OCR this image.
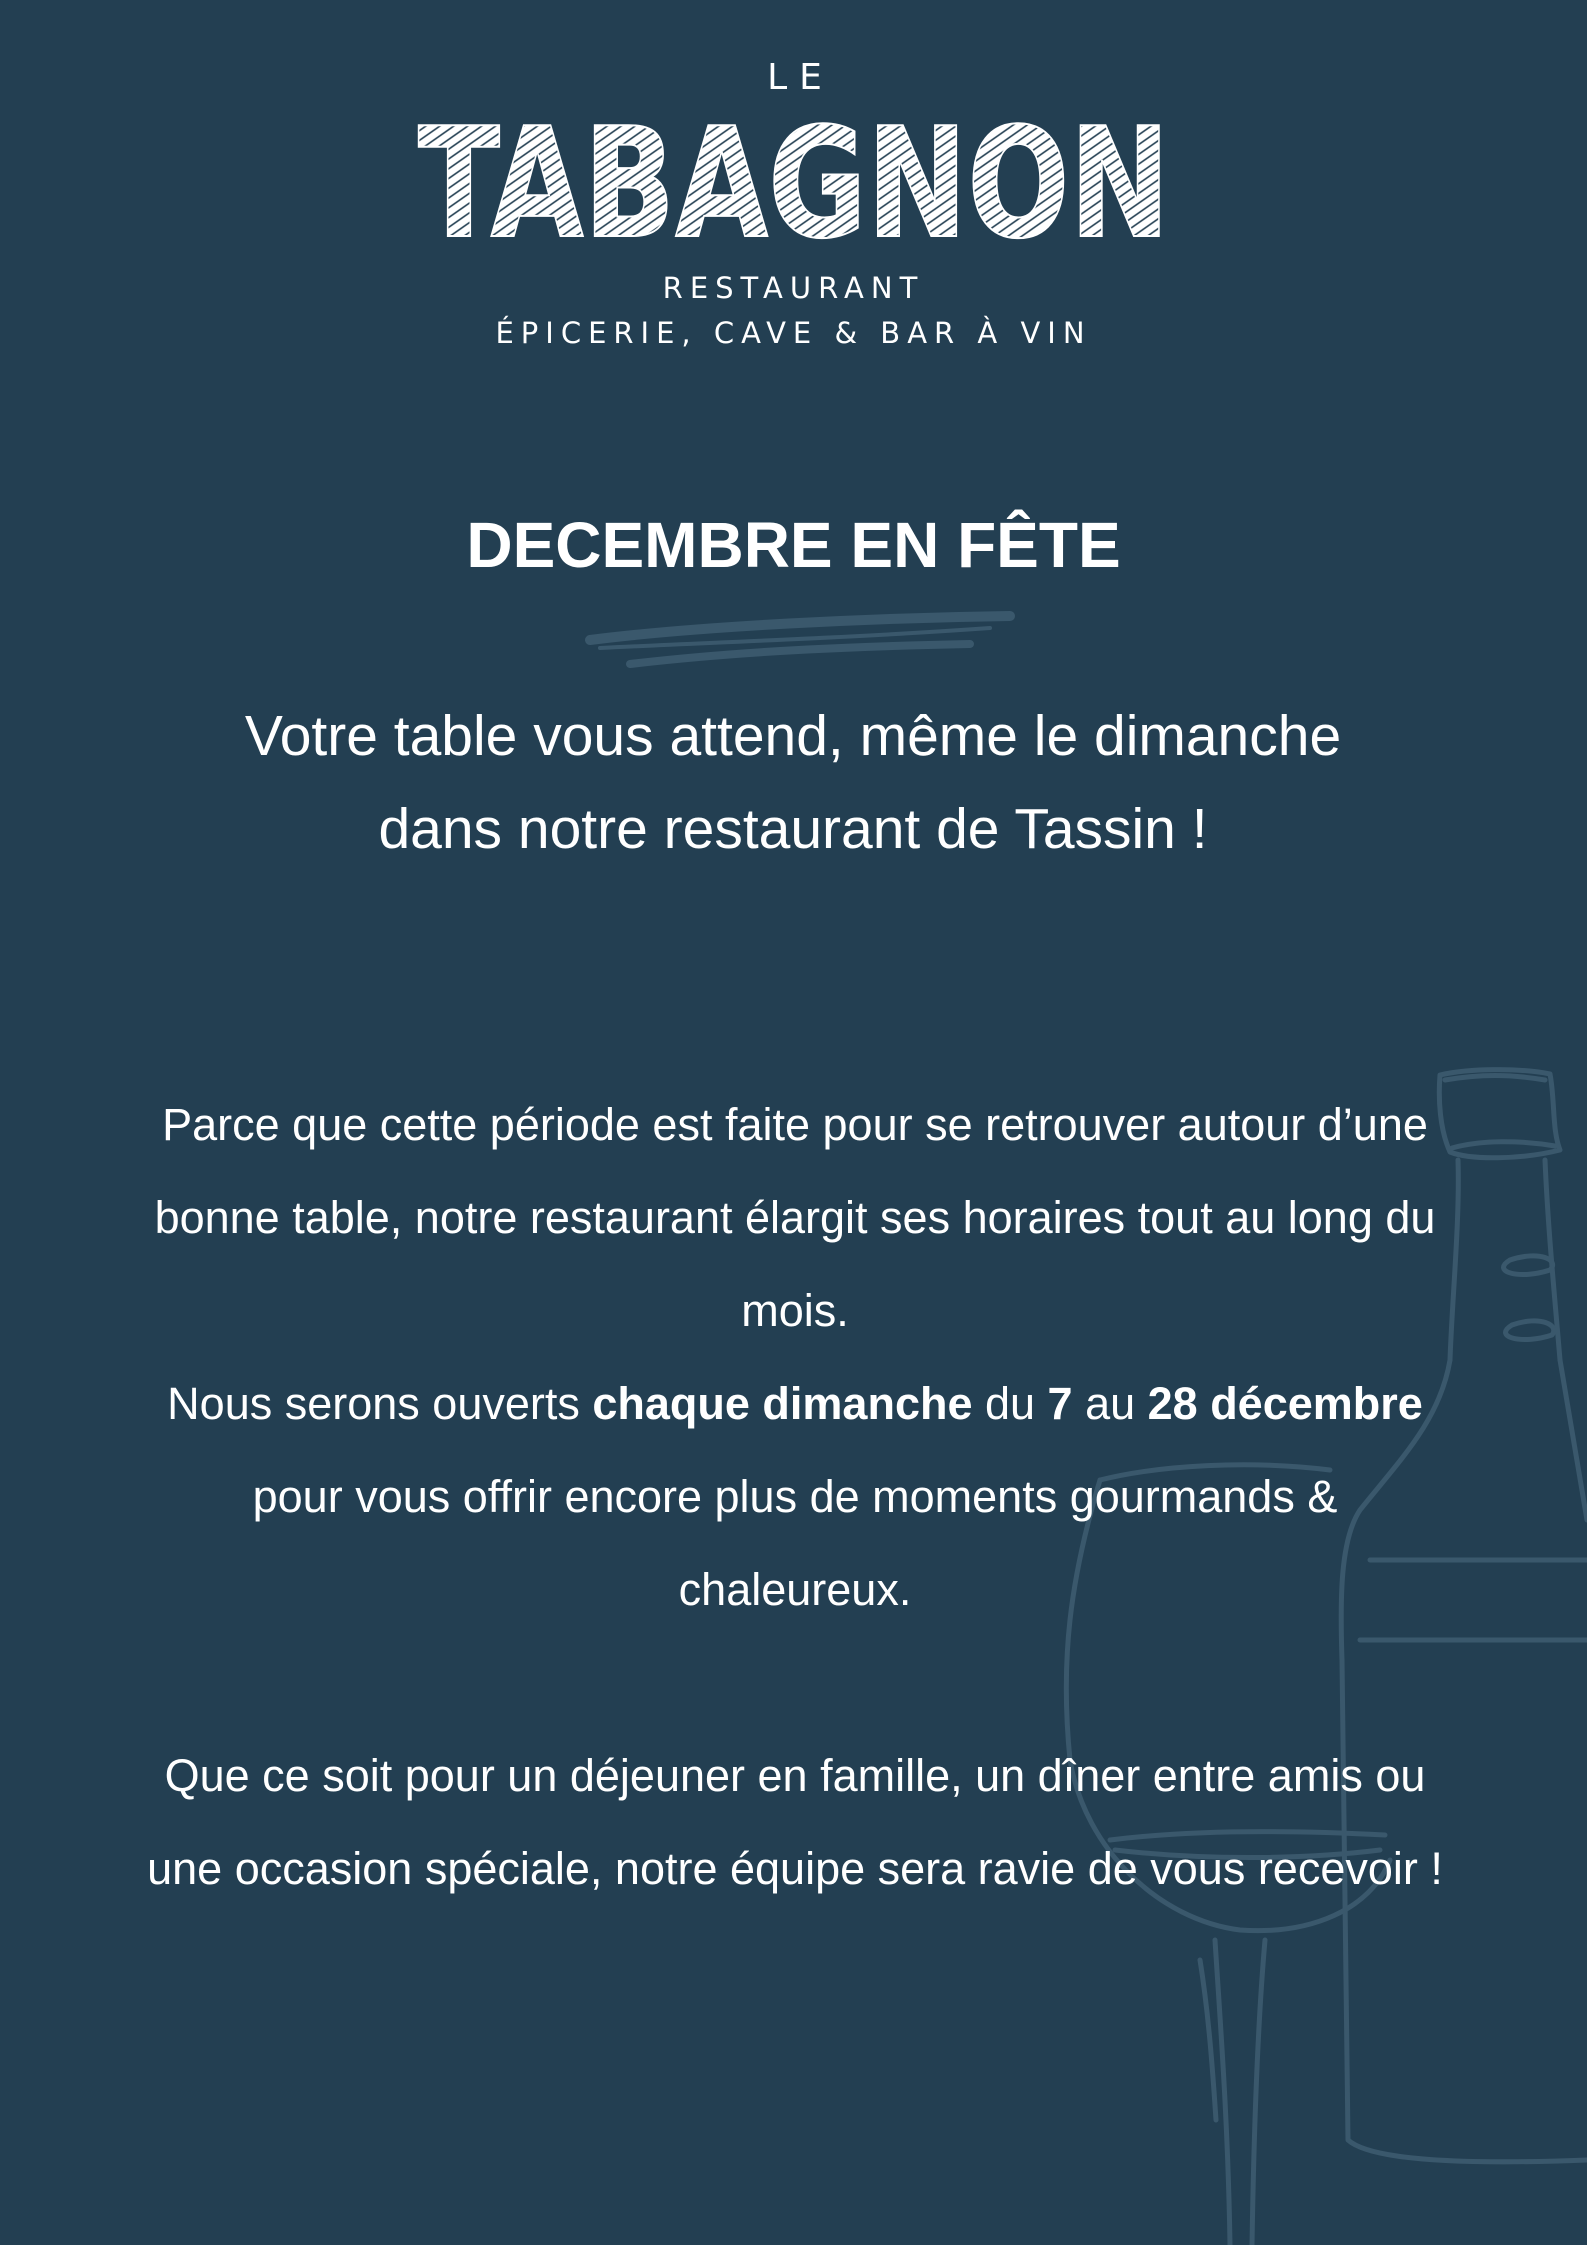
LE
TABAGNON
RESTAURANT
ÉPICERIE, CAVE & BAR À VIN
DECEMBRE EN FÊTE
Votre table vous attend, même le dimanche dans notre restaurant de Tassin !
Parce que cette période est faite pour se retrouver autour d’une bonne table, notre restaurant élargit ses horaires tout au long du mois.
Nous serons ouverts chaque dimanche du 7 au 28 décembre pour vous offrir encore plus de moments gourmands & chaleureux.
Que ce soit pour un déjeuner en famille, un dîner entre amis ou une occasion spéciale, notre équipe sera ravie de vous recevoir !
